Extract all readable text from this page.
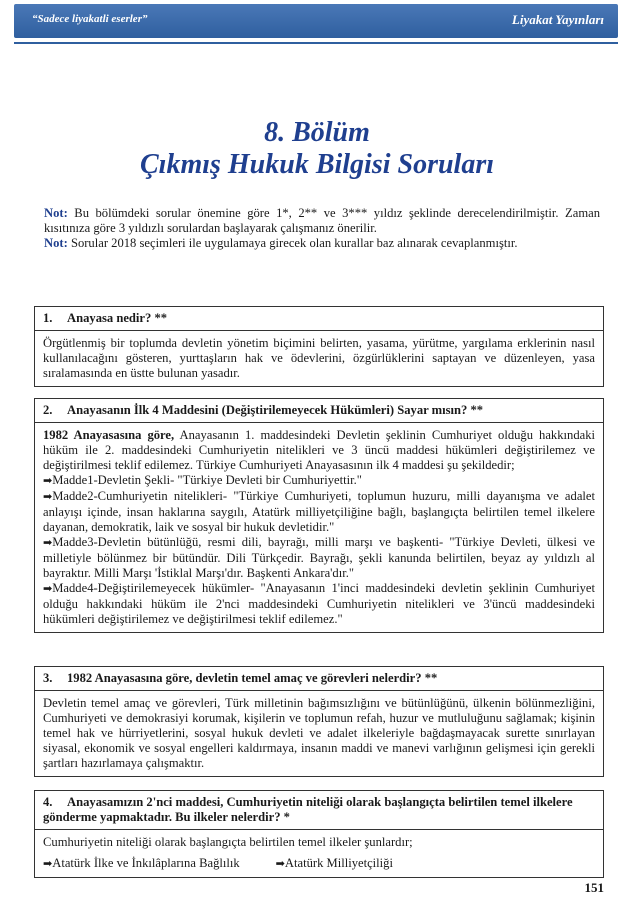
“Sadece liyakatli eserler”	Liyakat Yayınları
8. Bölüm
Çıkmış Hukuk Bilgisi Soruları
Not: Bu bölümdeki sorular önemine göre 1*, 2** ve 3*** yıldız şeklinde derecelendirilmiştir. Zaman kısıtınıza göre 3 yıldızlı sorulardan başlayarak çalışmanız önerilir.
Not: Sorular 2018 seçimleri ile uygulamaya girecek olan kurallar baz alınarak cevaplanmıştır.
1. Anayasa nedir? **
Örgütlenmiş bir toplumda devletin yönetim biçimini belirten, yasama, yürütme, yargılama erklerinin nasıl kullanılacağını gösteren, yurttaşların hak ve ödevlerini, özgürlüklerini saptayan ve düzenleyen, yasa sıralamasında en üstte bulunan yasadır.
2. Anayasanın İlk 4 Maddesini (Değiştirilemeyecek Hükümleri) Sayar mısın? **
1982 Anayasasına göre, Anayasanın 1. maddesindeki Devletin şeklinin Cumhuriyet olduğu hakkındaki hüküm ile 2. maddesindeki Cumhuriyetin nitelikleri ve 3 üncü maddesi hükümleri değiştirilemez ve değiştirilmesi teklif edilemez. Türkiye Cumhuriyeti Anayasasının ilk 4 maddesi şu şekildedir;
➡Madde1-Devletin Şekli- "Türkiye Devleti bir Cumhuriyettir."
➡Madde2-Cumhuriyetin nitelikleri- "Türkiye Cumhuriyeti, toplumun huzuru, milli dayanışma ve adalet anlayışı içinde, insan haklarına saygılı, Atatürk milliyetçiliğine bağlı, başlangıçta belirtilen temel ilkelere dayanan, demokratik, laik ve sosyal bir hukuk devletidir."
➡Madde3-Devletin bütünlüğü, resmi dili, bayrağı, milli marşı ve başkenti- "Türkiye Devleti, ülkesi ve milletiyle bölünmez bir bütündür. Dili Türkçedir. Bayrağı, şekli kanunda belirtilen, beyaz ay yıldızlı al bayraktır. Milli Marşı 'İstiklal Marşı'dır. Başkenti Ankara'dır."
➡Madde4-Değiştirilemeyecek hükümler- "Anayasanın 1'inci maddesindeki devletin şeklinin Cumhuriyet olduğu hakkındaki hüküm ile 2'nci maddesindeki Cumhuriyetin nitelikleri ve 3'üncü maddesindeki hükümleri değiştirilemez ve değiştirilmesi teklif edilemez."
3. 1982 Anayasasına göre, devletin temel amaç ve görevleri nelerdir? **
Devletin temel amaç ve görevleri, Türk milletinin bağımsızlığını ve bütünlüğünü, ülkenin bölünmezliğini, Cumhuriyeti ve demokrasiyi korumak, kişilerin ve toplumun refah, huzur ve mutluluğunu sağlamak; kişinin temel hak ve hürriyetlerini, sosyal hukuk devleti ve adalet ilkeleriyle bağdaşmayacak surette sınırlayan siyasal, ekonomik ve sosyal engelleri kaldırmaya, insanın maddi ve manevi varlığının gelişmesi için gerekli şartları hazırlamaya çalışmaktır.
4. Anayasamızın 2'nci maddesi, Cumhuriyetin niteliği olarak başlangıçta belirtilen temel ilkelere gönderme yapmaktadır. Bu ilkeler nelerdir? *
Cumhuriyetin niteliği olarak başlangıçta belirtilen temel ilkeler şunlardır;
➡Atatürk İlke ve İnkılâplarına Bağlılık	➡Atatürk Milliyetçiliği
151
